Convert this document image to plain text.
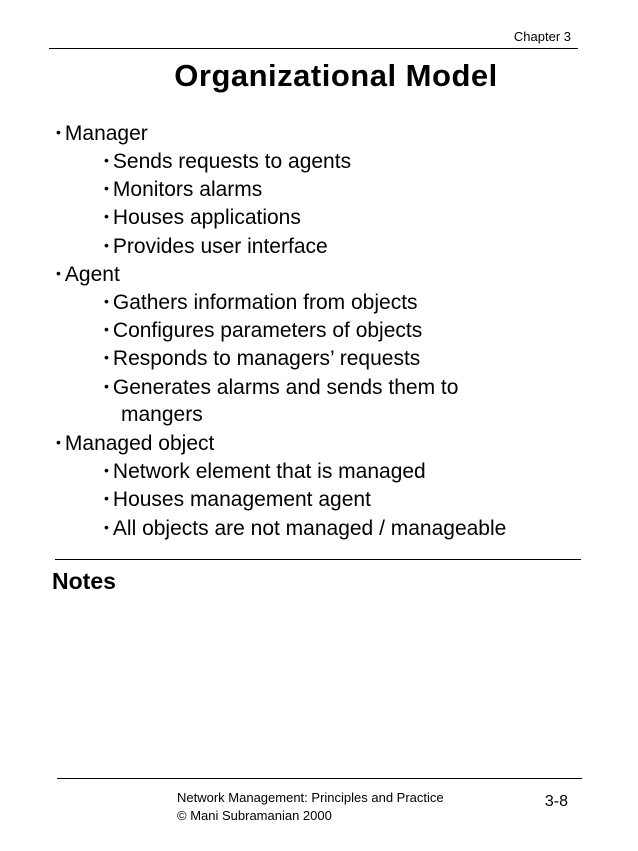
Chapter 3
Organizational Model
• Manager
• Sends requests to agents
• Monitors alarms
• Houses applications
• Provides user interface
• Agent
• Gathers information from objects
• Configures parameters of objects
• Responds to managers’ requests
• Generates alarms and sends them to
mangers
• Managed object
• Network element that is managed
• Houses management agent
• All objects are not managed / manageable
Notes
Network Management: Principles and Practice
© Mani Subramanian 2000
3-8
